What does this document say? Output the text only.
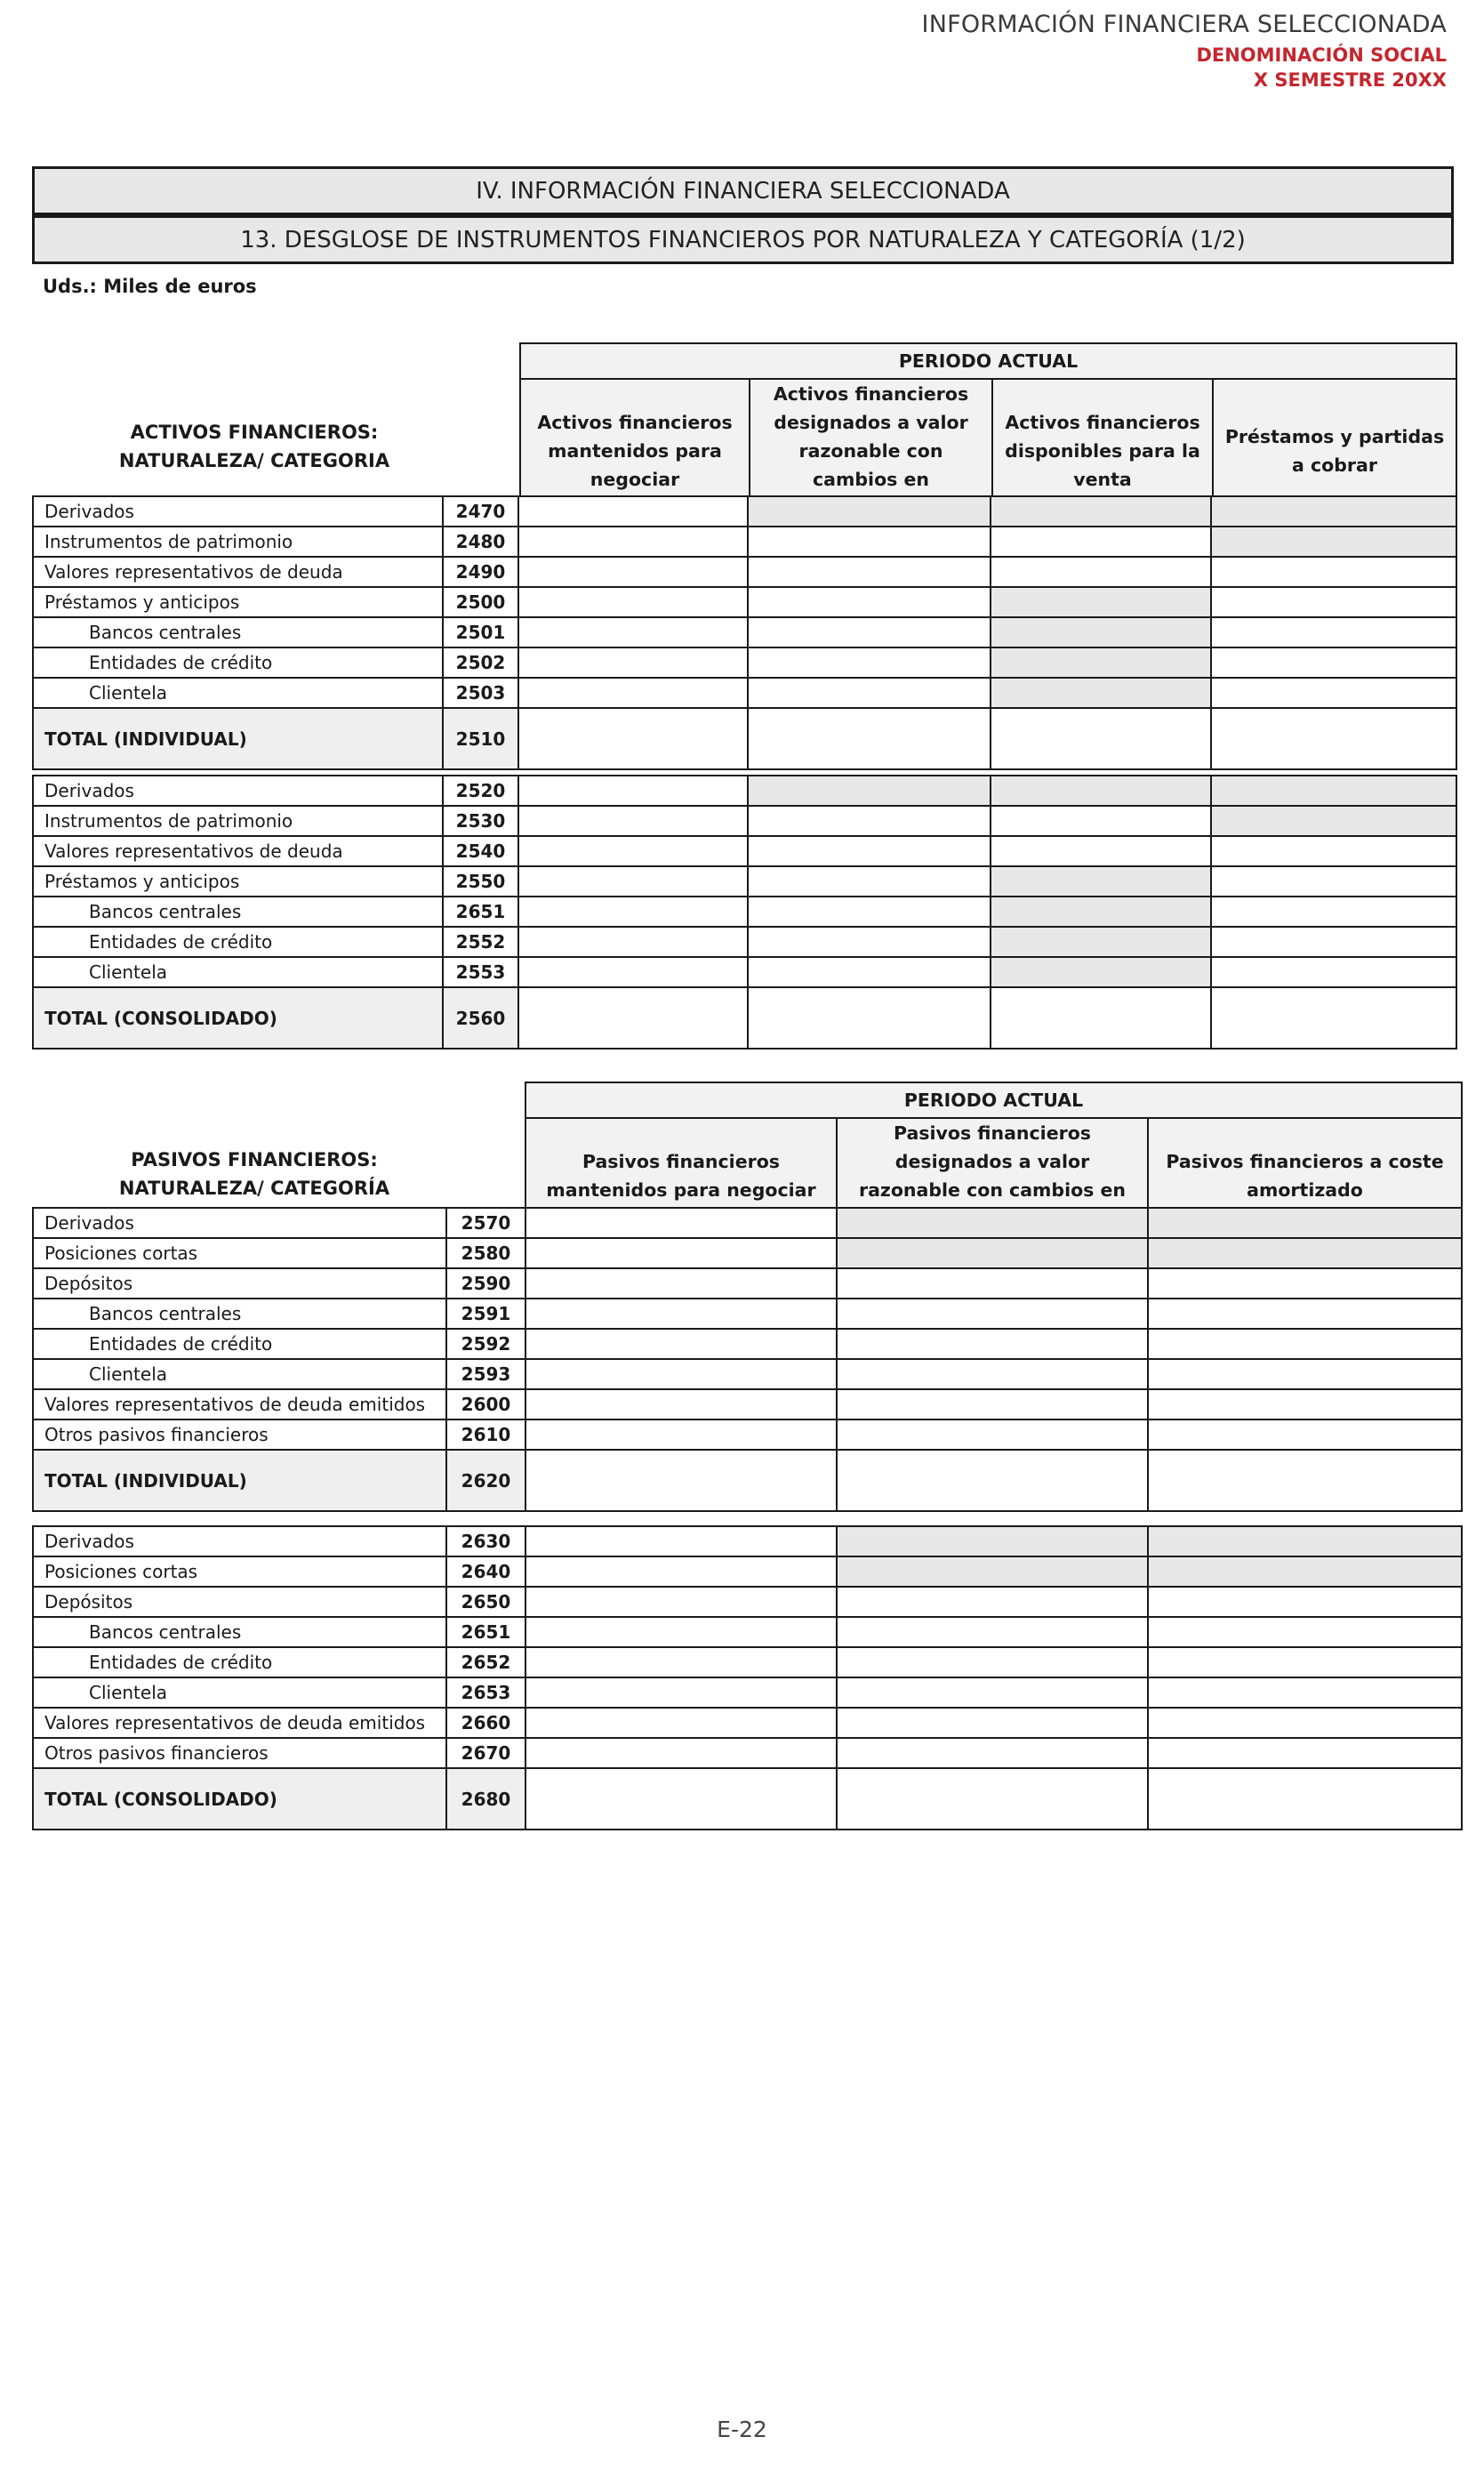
INFORMACIÓN FINANCIERA SELECCIONADA
DENOMINACIÓN SOCIAL
X SEMESTRE 20XX
IV. INFORMACIÓN FINANCIERA SELECCIONADA
13. DESGLOSE DE INSTRUMENTOS FINANCIEROS POR NATURALEZA Y CATEGORÍA (1/2)
Uds.: Miles de euros
ACTIVOS FINANCIEROS:
NATURALEZA/ CATEGORIA
PERIODO ACTUAL
Activos financieros mantenidos para negociar	Activos financieros designados a valor razonable con cambios en	Activos financieros disponibles para la venta	Préstamos y partidas a cobrar
Derivados	2470				
Instrumentos de patrimonio	2480				
Valores representativos de deuda	2490				
Préstamos y anticipos	2500				
Bancos centrales	2501				
Entidades de crédito	2502				
Clientela	2503				
TOTAL (INDIVIDUAL)	2510				
Derivados	2520				
Instrumentos de patrimonio	2530				
Valores representativos de deuda	2540				
Préstamos y anticipos	2550				
Bancos centrales	2651				
Entidades de crédito	2552				
Clientela	2553				
TOTAL (CONSOLIDADO)	2560				
PASIVOS FINANCIEROS:
NATURALEZA/ CATEGORÍA
PERIODO ACTUAL
Pasivos financieros mantenidos para negociar	Pasivos financieros designados a valor razonable con cambios en	Pasivos financieros a coste amortizado
Derivados	2570			
Posiciones cortas	2580			
Depósitos	2590			
Bancos centrales	2591			
Entidades de crédito	2592			
Clientela	2593			
Valores representativos de deuda emitidos	2600			
Otros pasivos financieros	2610			
TOTAL (INDIVIDUAL)	2620			
Derivados	2630			
Posiciones cortas	2640			
Depósitos	2650			
Bancos centrales	2651			
Entidades de crédito	2652			
Clientela	2653			
Valores representativos de deuda emitidos	2660			
Otros pasivos financieros	2670			
TOTAL (CONSOLIDADO)	2680			
E-22
